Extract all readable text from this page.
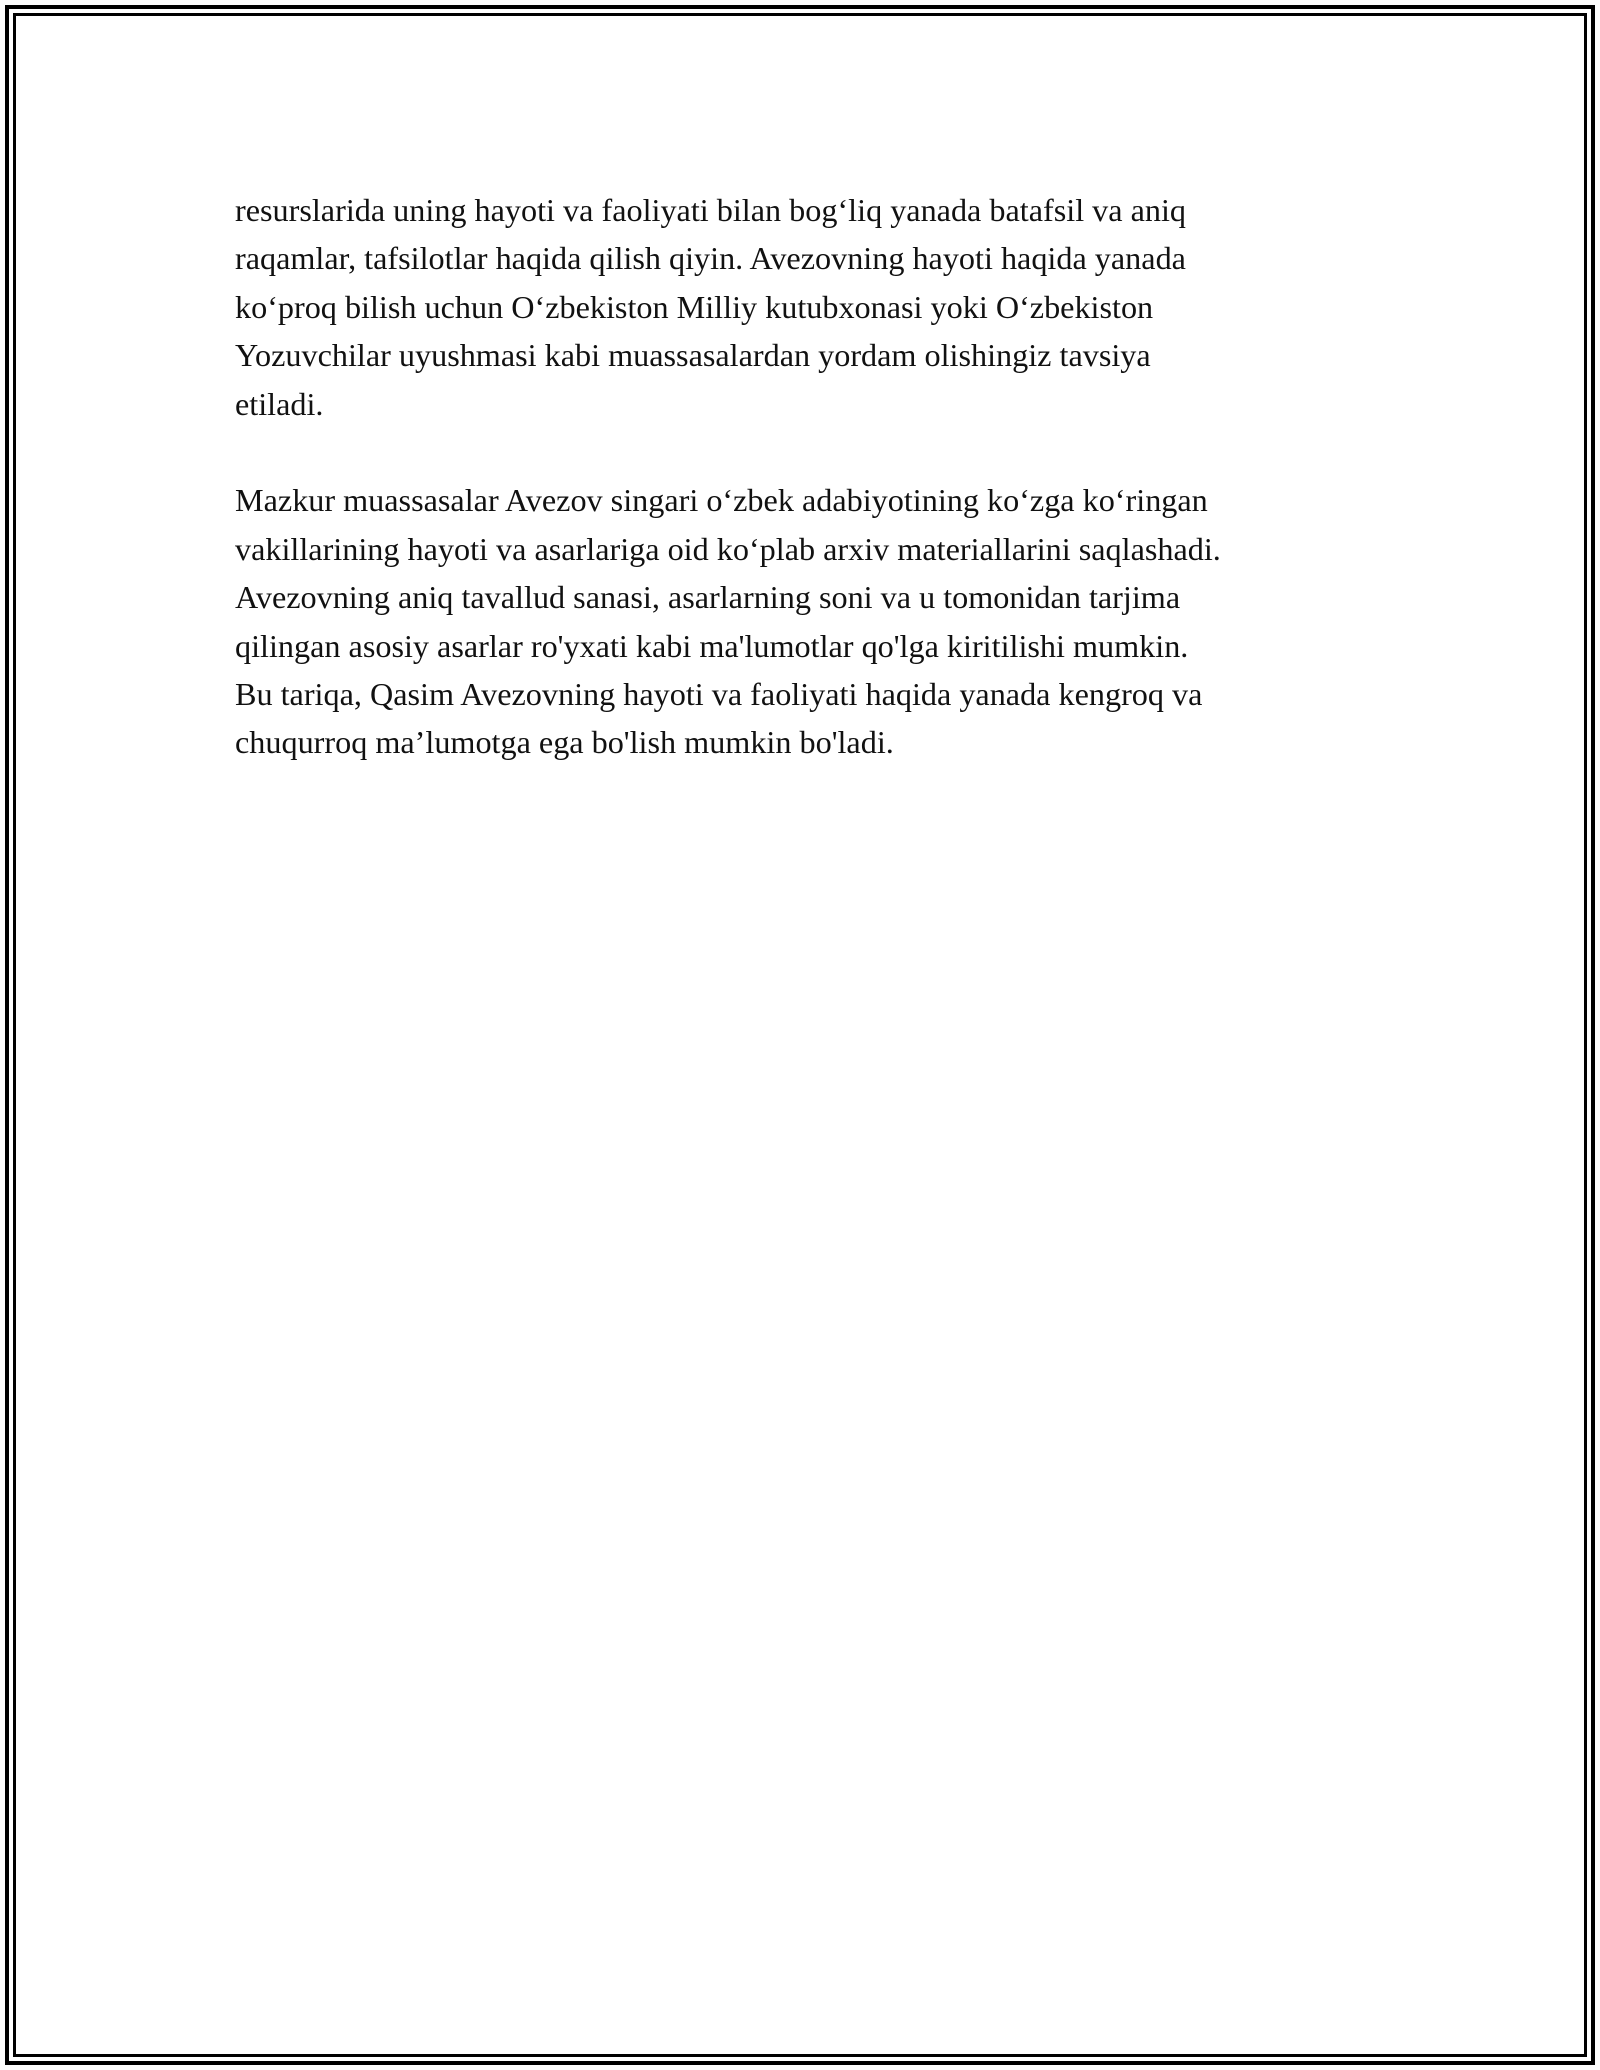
resurslarida uning hayoti va faoliyati bilan bog‘liq yanada batafsil va aniq
raqamlar, tafsilotlar haqida qilish qiyin. Avezovning hayoti haqida yanada
ko‘proq bilish uchun O‘zbekiston Milliy kutubxonasi yoki O‘zbekiston
Yozuvchilar uyushmasi kabi muassasalardan yordam olishingiz tavsiya
etiladi.

Mazkur muassasalar Avezov singari o‘zbek adabiyotining ko‘zga ko‘ringan
vakillarining hayoti va asarlariga oid ko‘plab arxiv materiallarini saqlashadi.
Avezovning aniq tavallud sanasi, asarlarning soni va u tomonidan tarjima
qilingan asosiy asarlar ro'yxati kabi ma'lumotlar qo'lga kiritilishi mumkin.
Bu tariqa, Qasim Avezovning hayoti va faoliyati haqida yanada kengroq va
chuqurroq ma’lumotga ega bo'lish mumkin bo'ladi.
